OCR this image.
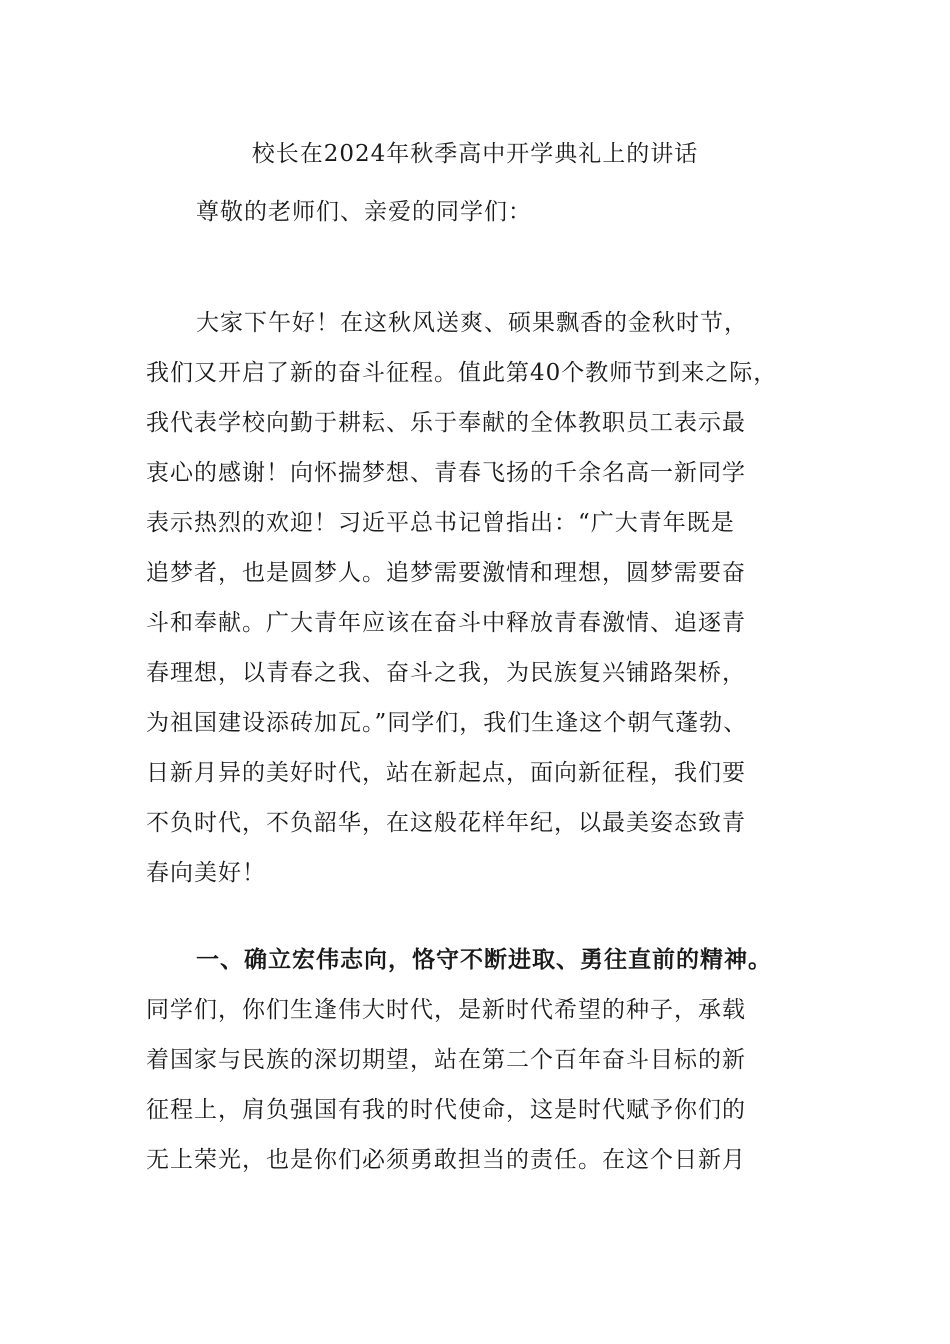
校长在2024年秋季高中开学典礼上的讲话
尊敬的老师们、亲爱的同学们：
大家下午好！在这秋风送爽、硕果飘香的金秋时节，
我们又开启了新的奋斗征程。值此第40个教师节到来之际，
我代表学校向勤于耕耘、乐于奉献的全体教职员工表示最
衷心的感谢！向怀揣梦想、青春飞扬的千余名高一新同学
表示热烈的欢迎！习近平总书记曾指出：“广大青年既是
追梦者，也是圆梦人。追梦需要激情和理想，圆梦需要奋
斗和奉献。广大青年应该在奋斗中释放青春激情、追逐青
春理想，以青春之我、奋斗之我，为民族复兴铺路架桥，
为祖国建设添砖加瓦。”同学们，我们生逢这个朝气蓬勃、
日新月异的美好时代，站在新起点，面向新征程，我们要
不负时代，不负韶华，在这般花样年纪，以最美姿态致青
春向美好！
一、确立宏伟志向，恪守不断进取、勇往直前的精神。
同学们，你们生逢伟大时代，是新时代希望的种子，承载
着国家与民族的深切期望，站在第二个百年奋斗目标的新
征程上，肩负强国有我的时代使命，这是时代赋予你们的
无上荣光，也是你们必须勇敢担当的责任。在这个日新月
